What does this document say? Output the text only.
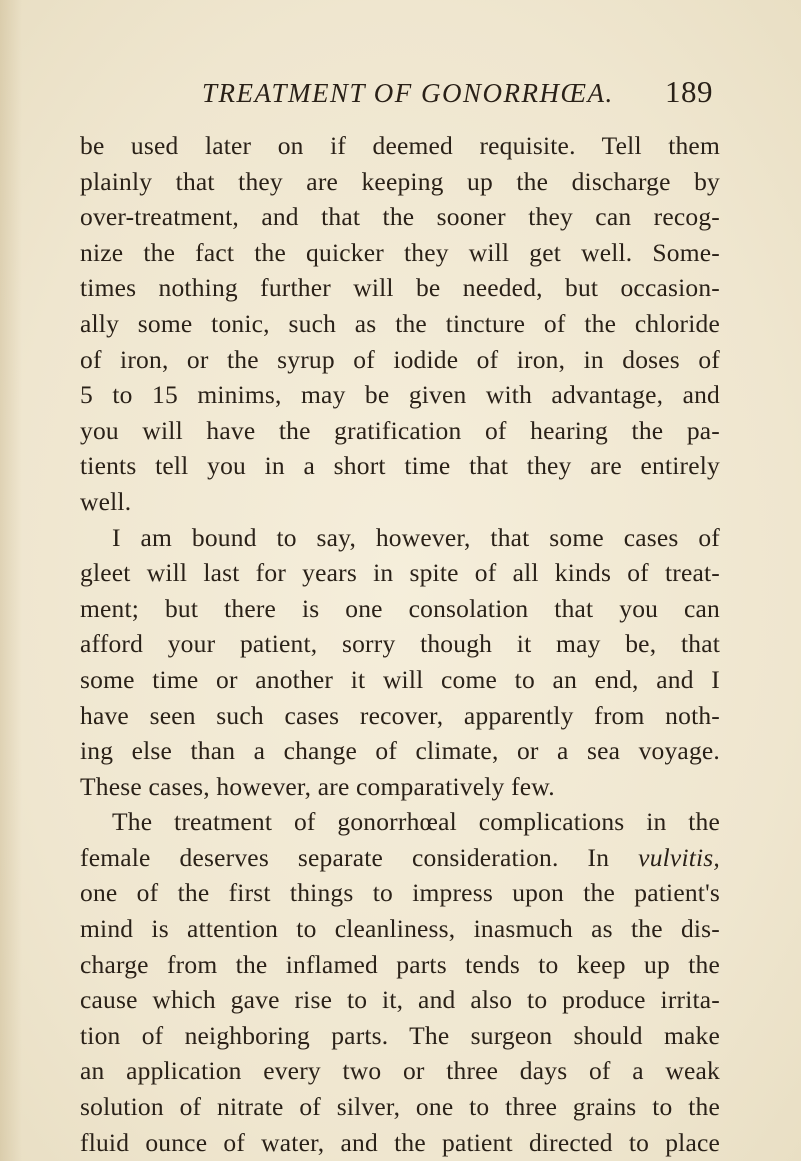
TREATMENT OF GONORRHŒA. 189
be used later on if deemed requisite. Tell them
plainly that they are keeping up the discharge by
over-treatment, and that the sooner they can recog-
nize the fact the quicker they will get well. Some-
times nothing further will be needed, but occasion-
ally some tonic, such as the tincture of the chloride
of iron, or the syrup of iodide of iron, in doses of
5 to 15 minims, may be given with advantage, and
you will have the gratification of hearing the pa-
tients tell you in a short time that they are entirely
well.
I am bound to say, however, that some cases of
gleet will last for years in spite of all kinds of treat-
ment; but there is one consolation that you can
afford your patient, sorry though it may be, that
some time or another it will come to an end, and I
have seen such cases recover, apparently from noth-
ing else than a change of climate, or a sea voyage.
These cases, however, are comparatively few.
The treatment of gonorrhœal complications in the
female deserves separate consideration. In vulvitis,
one of the first things to impress upon the patient's
mind is attention to cleanliness, inasmuch as the dis-
charge from the inflamed parts tends to keep up the
cause which gave rise to it, and also to produce irrita-
tion of neighboring parts. The surgeon should make
an application every two or three days of a weak
solution of nitrate of silver, one to three grains to the
fluid ounce of water, and the patient directed to place
